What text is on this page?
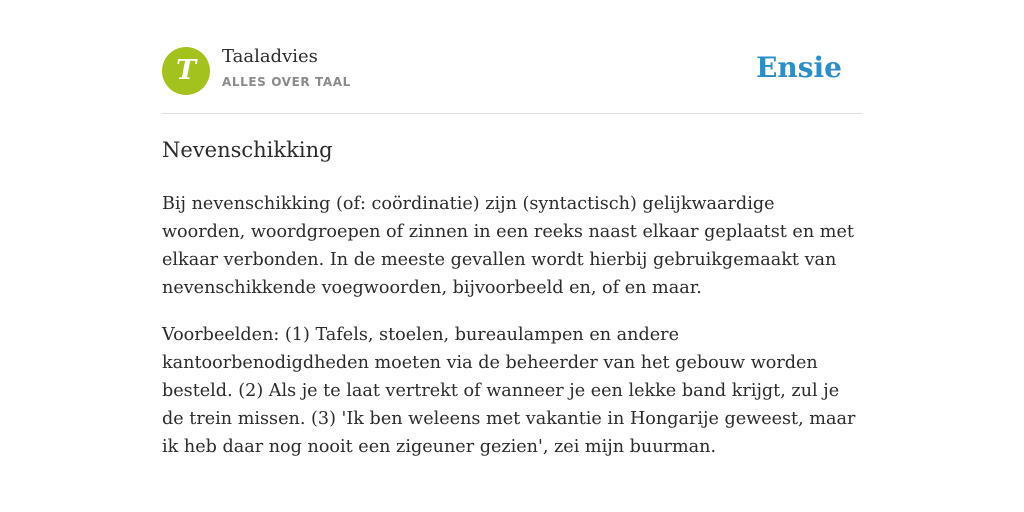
T	Taaladvies
ALLES OVER TAAL	Ensie
Nevenschikking

Bij nevenschikking (of: coördinatie) zijn (syntactisch) gelijkwaardige woorden, woordgroepen of zinnen in een reeks naast elkaar geplaatst en met elkaar verbonden. In de meeste gevallen wordt hierbij gebruikgemaakt van nevenschikkende voegwoorden, bijvoorbeeld en, of en maar.

Voorbeelden: (1) Tafels, stoelen, bureaulampen en andere kantoorbenodigdheden moeten via de beheerder van het gebouw worden besteld. (2) Als je te laat vertrekt of wanneer je een lekke band krijgt, zul je de trein missen. (3) 'Ik ben weleens met vakantie in Hongarije geweest, maar ik heb daar nog nooit een zigeuner gezien', zei mijn buurman.
